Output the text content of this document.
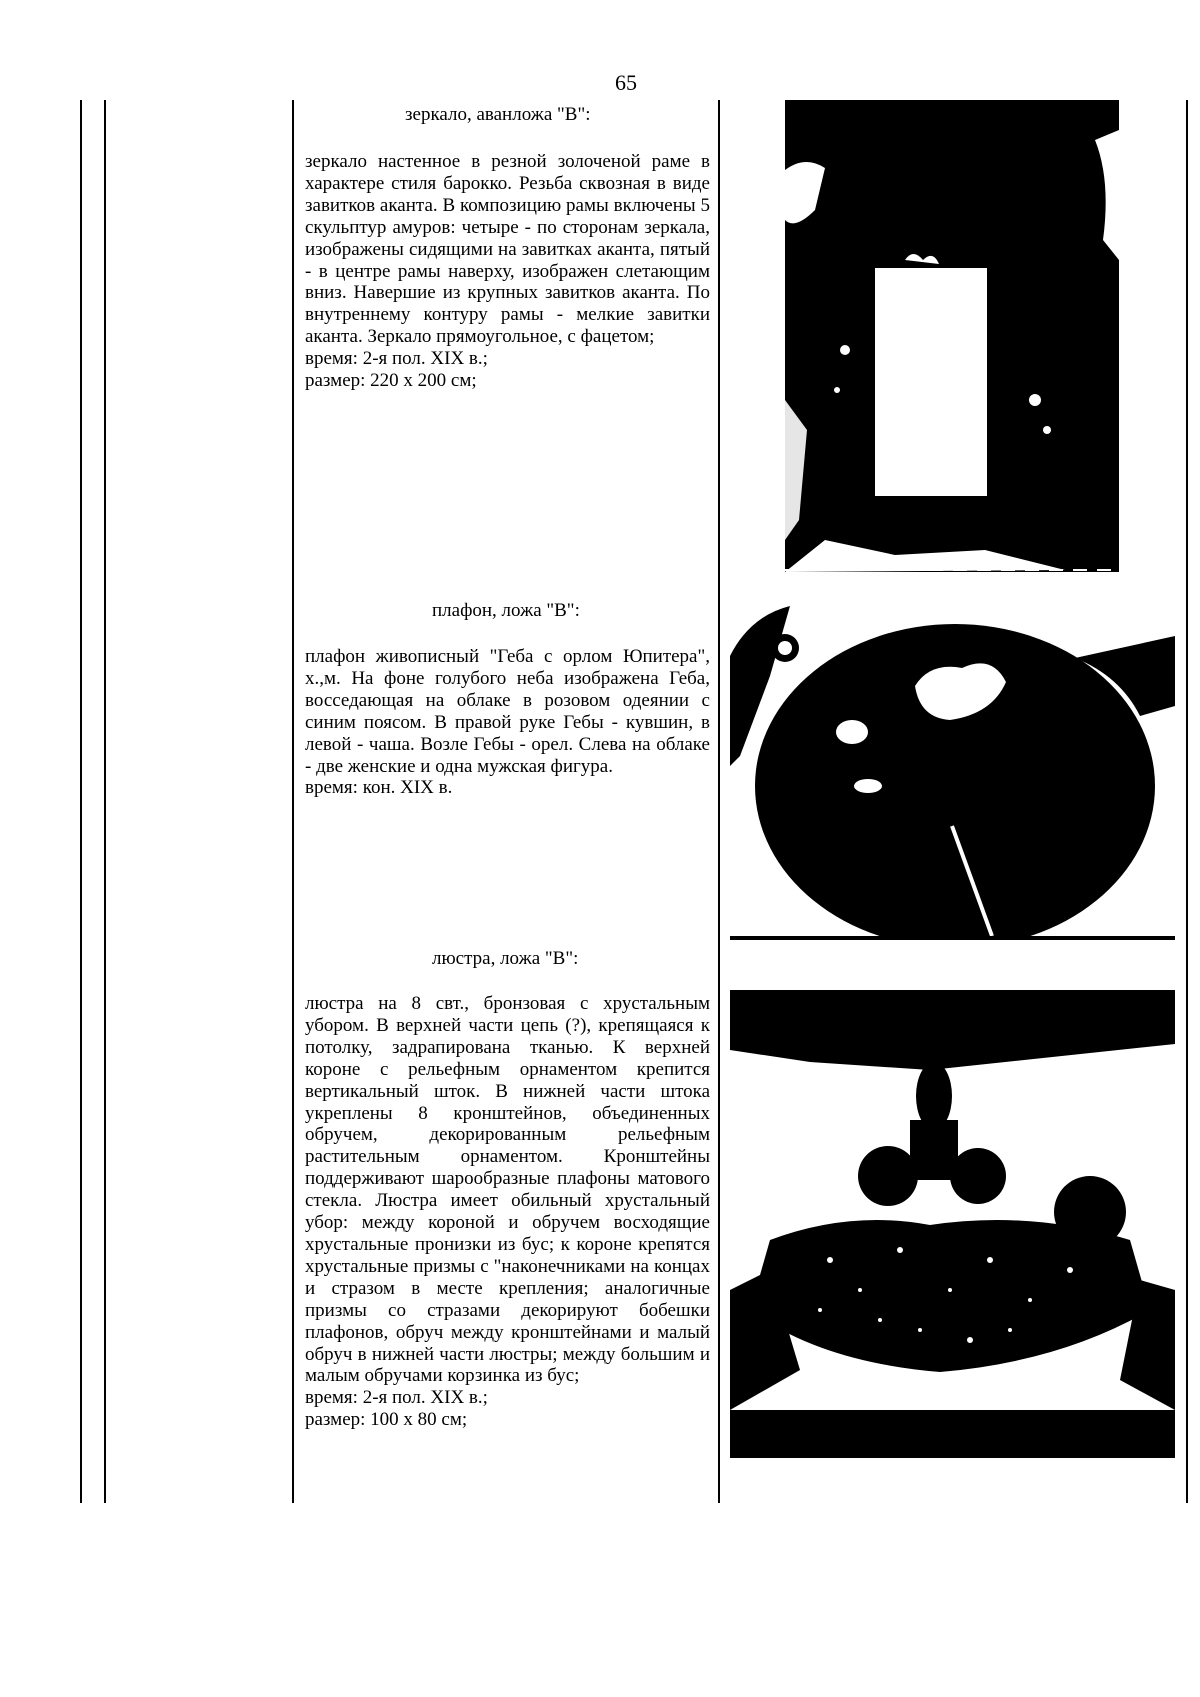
65
зеркало, аванложа "В":

зеркало настенное в резной золоченой раме в характере стиля барокко. Резьба сквозная в виде завитков аканта. В композицию рамы включены 5 скульптур амуров: четыре - по сторонам зеркала, изображены сидящими на завитках аканта, пятый - в центре рамы наверху, изображен слетающим вниз. Навершие из крупных завитков аканта. По внутреннему контуру рамы - мелкие завитки аканта. Зеркало прямоугольное, с фацетом;

время: 2-я пол. XIX в.;

размер: 220 x 200 см;

плафон, ложа "В":

плафон живописный "Геба с орлом Юпитера", х.,м. На фоне голубого неба изображена Геба, восседающая на облаке в розовом одеянии с синим поясом. В правой руке Гебы - кувшин, в левой - чаша. Возле Гебы - орел. Слева на облаке - две женские и одна мужская фигура.

время: кон. XIX в.

люстра, ложа "В":

люстра на 8 свт., бронзовая с хрустальным убором. В верхней части цепь (?), крепящаяся к потолку, задрапирована тканью. К верхней короне с рельефным орнаментом крепится вертикальный шток. В нижней части штока укреплены 8 кронштейнов, объединенных обручем, декорированным рельефным растительным орнаментом. Кронштейны поддерживают шарообразные плафоны матового стекла. Люстра имеет обильный хрустальный убор: между короной и обручем восходящие хрустальные пронизки из бус; к короне крепятся хрустальные призмы с "наконечниками на концах и стразом в месте крепления; аналогичные призмы со стразами декорируют бобешки плафонов, обруч между кронштейнами и малый обруч в нижней части люстры; между большим и малым обручами корзинка из бус;

время: 2-я пол. XIX в.;

размер: 100 x 80 см;
